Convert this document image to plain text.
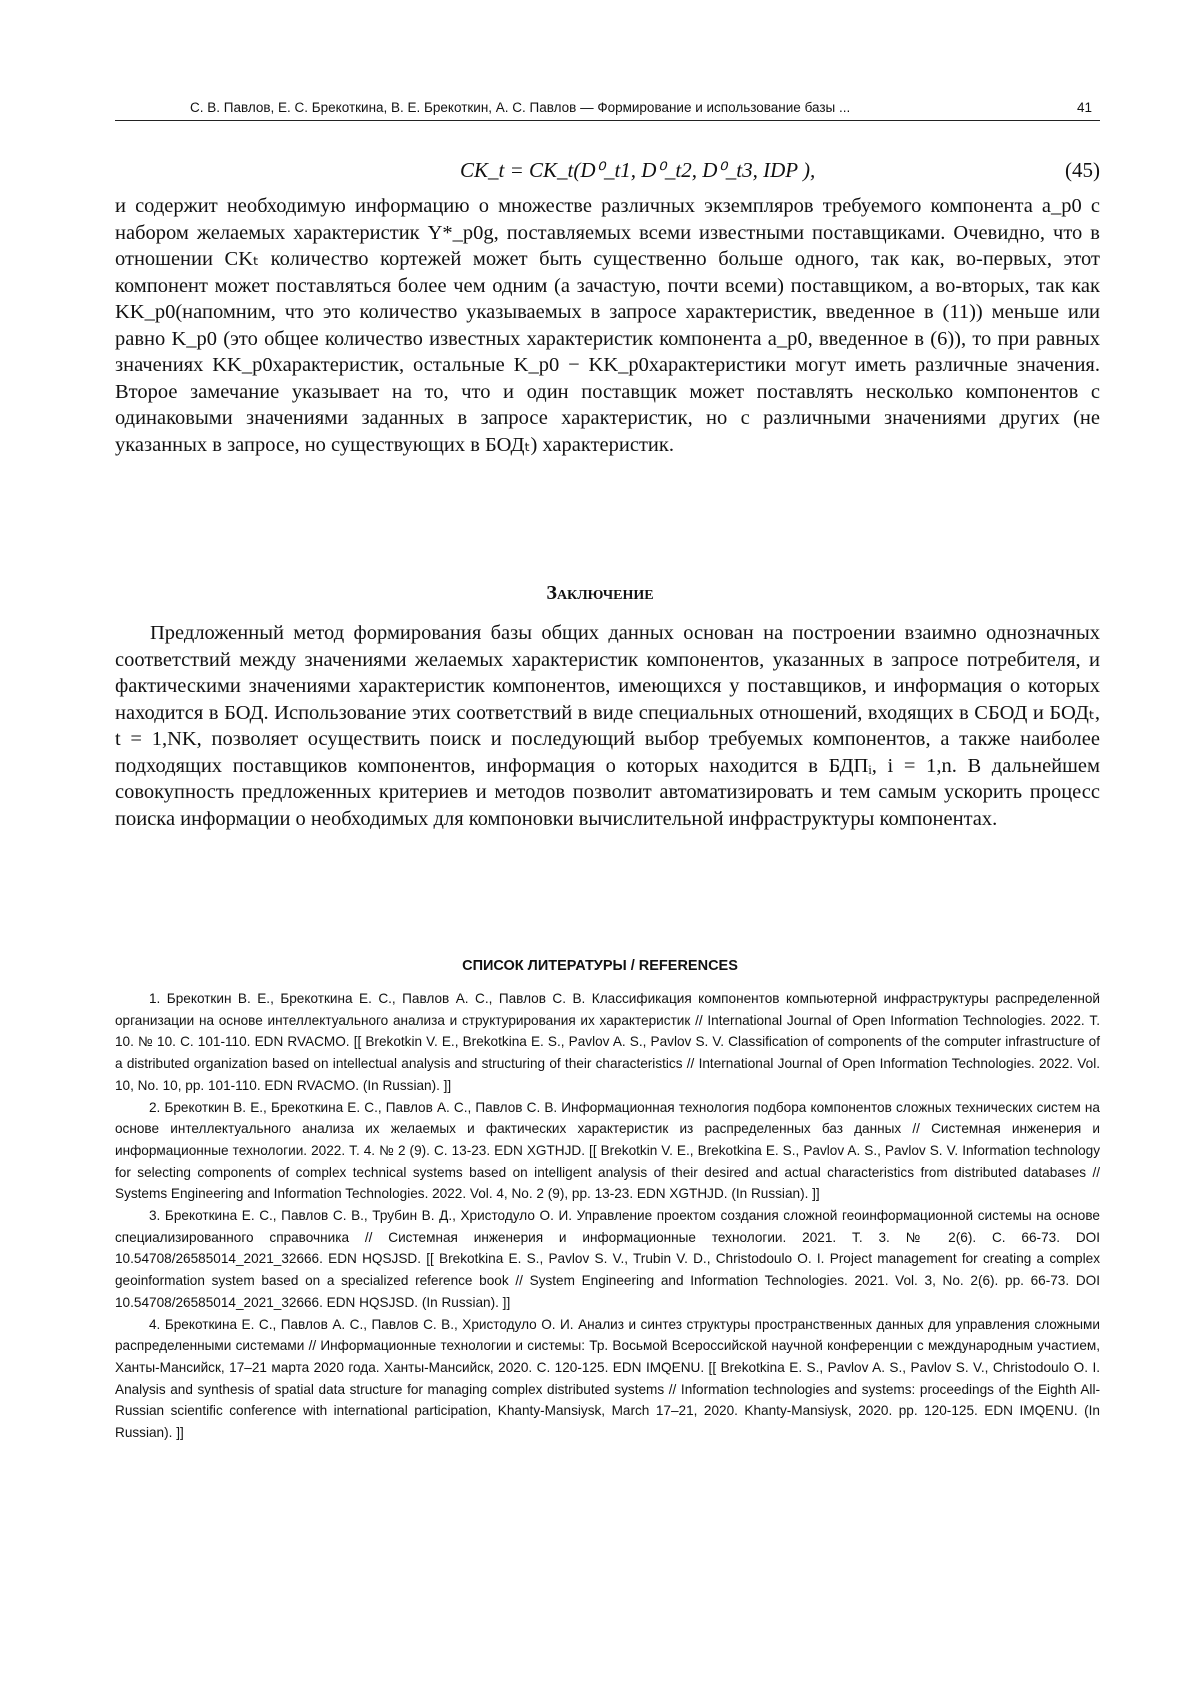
С. В. Павлов, Е. С. Брекоткина, В. Е. Брекоткин, А. С. Павлов — Формирование и использование базы ...	41
CK_t = CK_t(D⁰_t1, D⁰_t2, D⁰_t3, IDP ),	(45)
и содержит необходимую информацию о множестве различных экземпляров требуемого компонента a_p0 с набором желаемых характеристик Y*_p0g, поставляемых всеми известными поставщиками. Очевидно, что в отношении CKₜ количество кортежей может быть существенно больше одного, так как, во-первых, этот компонент может поставляться более чем одним (а зачастую, почти всеми) поставщиком, а во-вторых, так как KK_p0(напомним, что это количество указываемых в запросе характеристик, введенное в (11)) меньше или равно K_p0 (это общее количество известных характеристик компонента a_p0, введенное в (6)), то при равных значениях KK_p0характеристик, остальные K_p0 − KK_p0характеристики могут иметь различные значения. Второе замечание указывает на то, что и один поставщик может поставлять несколько компонентов с одинаковыми значениями заданных в запросе характеристик, но с различными значениями других (не указанных в запросе, но существующих в БОДₜ) характеристик.
Заключение
Предложенный метод формирования базы общих данных основан на построении взаимно однозначных соответствий между значениями желаемых характеристик компонентов, указанных в запросе потребителя, и фактическими значениями характеристик компонентов, имеющихся у поставщиков, и информация о которых находится в БОД. Использование этих соответствий в виде специальных отношений, входящих в СБОД и БОДₜ, t = 1,NK, позволяет осуществить поиск и последующий выбор требуемых компонентов, а также наиболее подходящих поставщиков компонентов, информация о которых находится в БДПᵢ, i = 1,n. В дальнейшем совокупность предложенных критериев и методов позволит автоматизировать и тем самым ускорить процесс поиска информации о необходимых для компоновки вычислительной инфраструктуры компонентах.
СПИСОК ЛИТЕРАТУРЫ / REFERENCES

1. Брекоткин В. Е., Брекоткина Е. С., Павлов А. С., Павлов С. В. Классификация компонентов компьютерной инфраструктуры распределенной организации на основе интеллектуального анализа и структурирования их характеристик // International Journal of Open Information Technologies. 2022. Т. 10. № 10. С. 101-110. EDN RVACMO. [[ Brekotkin V. E., Brekotkina E. S., Pavlov A. S., Pavlov S. V. Classification of components of the computer infrastructure of a distributed organization based on intellectual analysis and structuring of their characteristics // International Journal of Open Information Technologies. 2022. Vol. 10, No. 10, pp. 101-110. EDN RVACMO. (In Russian). ]]

2. Брекоткин В. Е., Брекоткина Е. С., Павлов А. С., Павлов С. В. Информационная технология подбора компонентов сложных технических систем на основе интеллектуального анализа их желаемых и фактических характеристик из распределенных баз данных // Системная инженерия и информационные технологии. 2022. Т. 4. № 2 (9). С. 13-23. EDN XGTHJD. [[ Brekotkin V. E., Brekotkina E. S., Pavlov A. S., Pavlov S. V. Information technology for selecting components of complex technical systems based on intelligent analysis of their desired and actual characteristics from distributed databases // Systems Engineering and Information Technologies. 2022. Vol. 4, No. 2 (9), pp. 13-23. EDN XGTHJD. (In Russian). ]]

3. Брекоткина Е. С., Павлов С. В., Трубин В. Д., Христодуло О. И. Управление проектом создания сложной геоинформационной системы на основе специализированного справочника // Системная инженерия и информационные технологии. 2021. Т. 3. № 2(6). С. 66-73. DOI 10.54708/26585014_2021_32666. EDN HQSJSD. [[ Brekotkina E. S., Pavlov S. V., Trubin V. D., Christodoulo O. I. Project management for creating a complex geoinformation system based on a specialized reference book // System Engineering and Information Technologies. 2021. Vol. 3, No. 2(6). pp. 66-73. DOI 10.54708/26585014_2021_32666. EDN HQSJSD. (In Russian). ]]

4. Брекоткина Е. С., Павлов А. С., Павлов С. В., Христодуло О. И. Анализ и синтез структуры пространственных данных для управления сложными распределенными системами // Информационные технологии и системы: Тр. Восьмой Всероссийской научной конференции с международным участием, Ханты-Мансийск, 17–21 марта 2020 года. Ханты-Мансийск, 2020. С. 120-125. EDN IMQENU. [[ Brekotkina E. S., Pavlov A. S., Pavlov S. V., Christodoulo O. I. Analysis and synthesis of spatial data structure for managing complex distributed systems // Information technologies and systems: proceedings of the Eighth All-Russian scientific conference with international participation, Khanty-Mansiysk, March 17–21, 2020. Khanty-Mansiysk, 2020. pp. 120-125. EDN IMQENU. (In Russian). ]]
